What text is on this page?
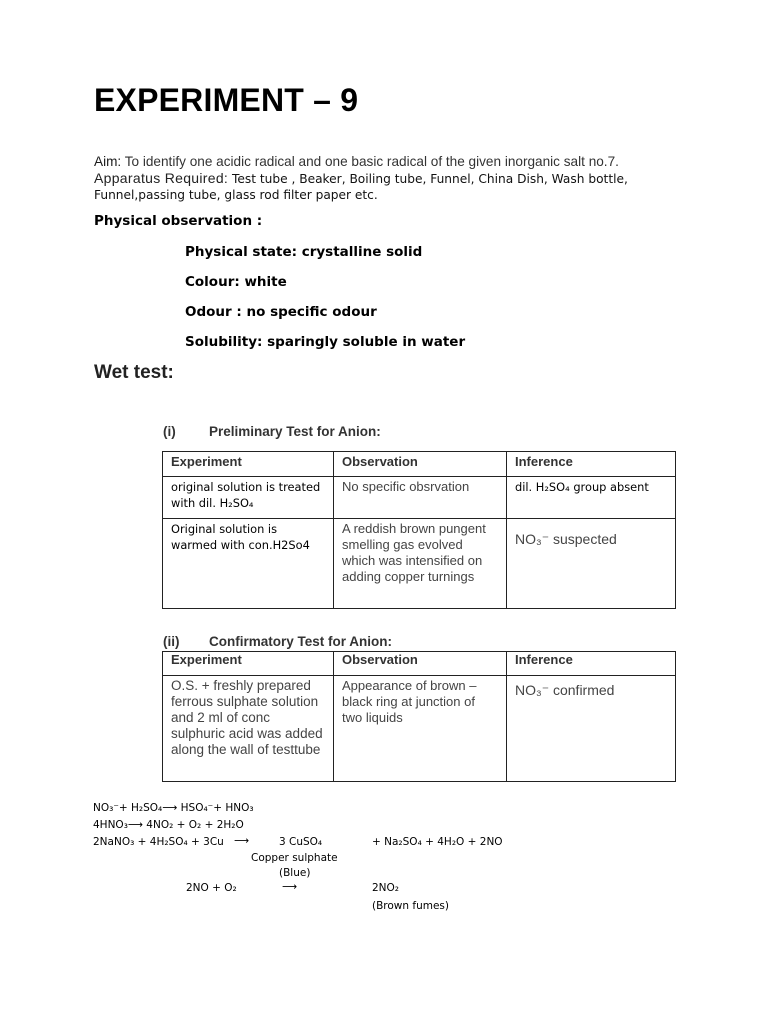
EXPERIMENT – 9
Aim: To identify one acidic radical and one basic radical of the given inorganic salt no.7.
Apparatus Required: Test tube , Beaker, Boiling tube, Funnel, China Dish, Wash bottle,
Funnel,passing tube, glass rod filter paper etc.
Physical observation :
Physical state: crystalline solid
Colour: white
Odour : no specific odour
Solubility: sparingly soluble in water
Wet test:
(i) Preliminary Test for Anion:
Experiment	Observation	Inference
original solution is treated with dil. H₂SO₄	No specific obsrvation	dil. H₂SO₄ group absent
Original solution is warmed with con.H2So4	A reddish brown pungent smelling gas evolved which was intensified on adding copper turnings	NO₃⁻ suspected
(ii) Confirmatory Test for Anion:
Experiment	Observation	Inference
O.S. + freshly prepared ferrous sulphate solution and 2 ml of conc sulphuric acid was added along the wall of testtube	Appearance of brown – black ring at junction of two liquids	NO₃⁻ confirmed
NO₃⁻+ H₂SO₄⟶ HSO₄⁻+ HNO₃
4HNO₃⟶ 4NO₂ + O₂ + 2H₂O
2NaNO₃ + 4H₂SO₄ + 3Cu ⟶	3 CuSO₄	+ Na₂SO₄ + 4H₂O + 2NO
Copper sulphate
(Blue)
2NO + O₂	⟶	2NO₂
(Brown fumes)
